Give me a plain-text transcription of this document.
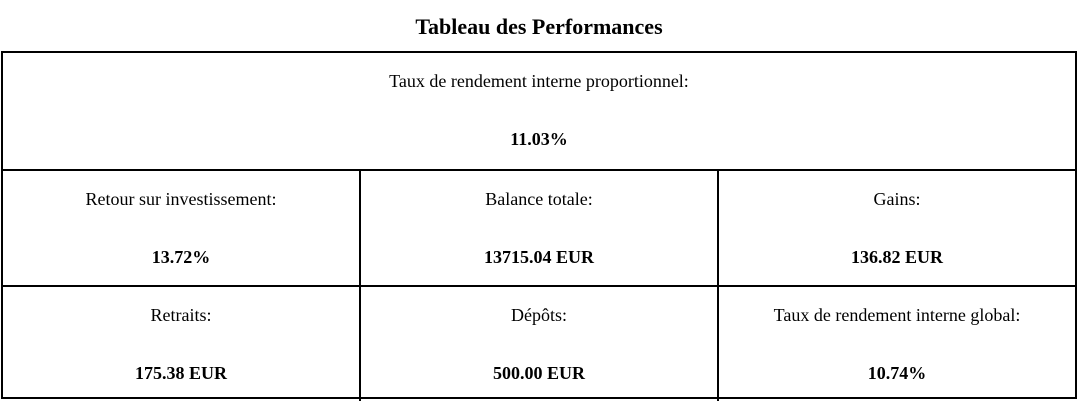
Tableau des Performances
Taux de rendement interne proportionnel:
11.03%
Retour sur investissement:
13.72%
Balance totale:
13715.04 EUR
Gains:
136.82 EUR
Retraits:
175.38 EUR
Dépôts:
500.00 EUR
Taux de rendement interne global:
10.74%
